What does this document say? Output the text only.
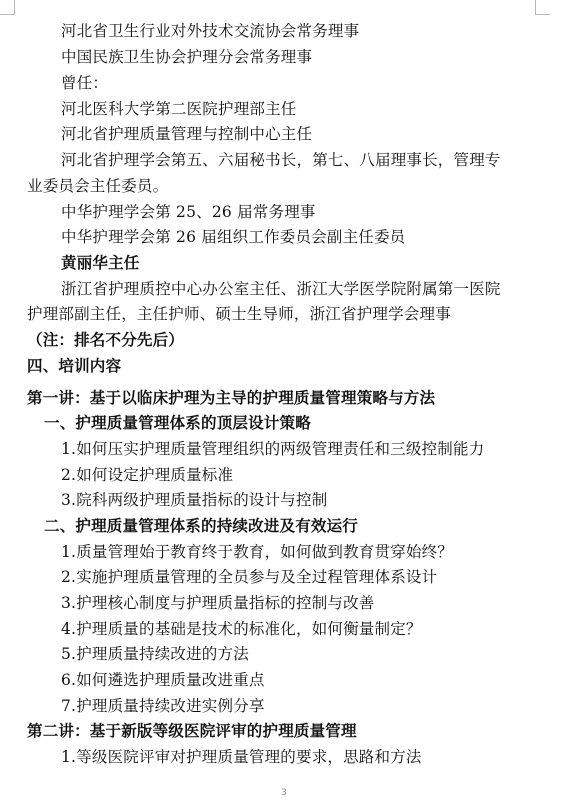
河北省卫生行业对外技术交流协会常务理事
中国民族卫生协会护理分会常务理事
曾任：
河北医科大学第二医院护理部主任
河北省护理质量管理与控制中心主任
河北省护理学会第五、六届秘书长，第七、八届理事长，管理专
业委员会主任委员。
中华护理学会第 25、26 届常务理事
中华护理学会第 26 届组织工作委员会副主任委员
黄丽华主任
浙江省护理质控中心办公室主任、浙江大学医学院附属第一医院
护理部副主任，主任护师、硕士生导师，浙江省护理学会理事
（注：排名不分先后）
四、培训内容
第一讲：基于以临床护理为主导的护理质量管理策略与方法
一、护理质量管理体系的顶层设计策略
1.如何压实护理质量管理组织的两级管理责任和三级控制能力
2.如何设定护理质量标准
3.院科两级护理质量指标的设计与控制
二、护理质量管理体系的持续改进及有效运行
1.质量管理始于教育终于教育，如何做到教育贯穿始终？
2.实施护理质量管理的全员参与及全过程管理体系设计
3.护理核心制度与护理质量指标的控制与改善
4.护理质量的基础是技术的标准化，如何衡量制定？
5.护理质量持续改进的方法
6.如何遴选护理质量改进重点
7.护理质量持续改进实例分享
第二讲：基于新版等级医院评审的护理质量管理
1.等级医院评审对护理质量管理的要求，思路和方法
3
